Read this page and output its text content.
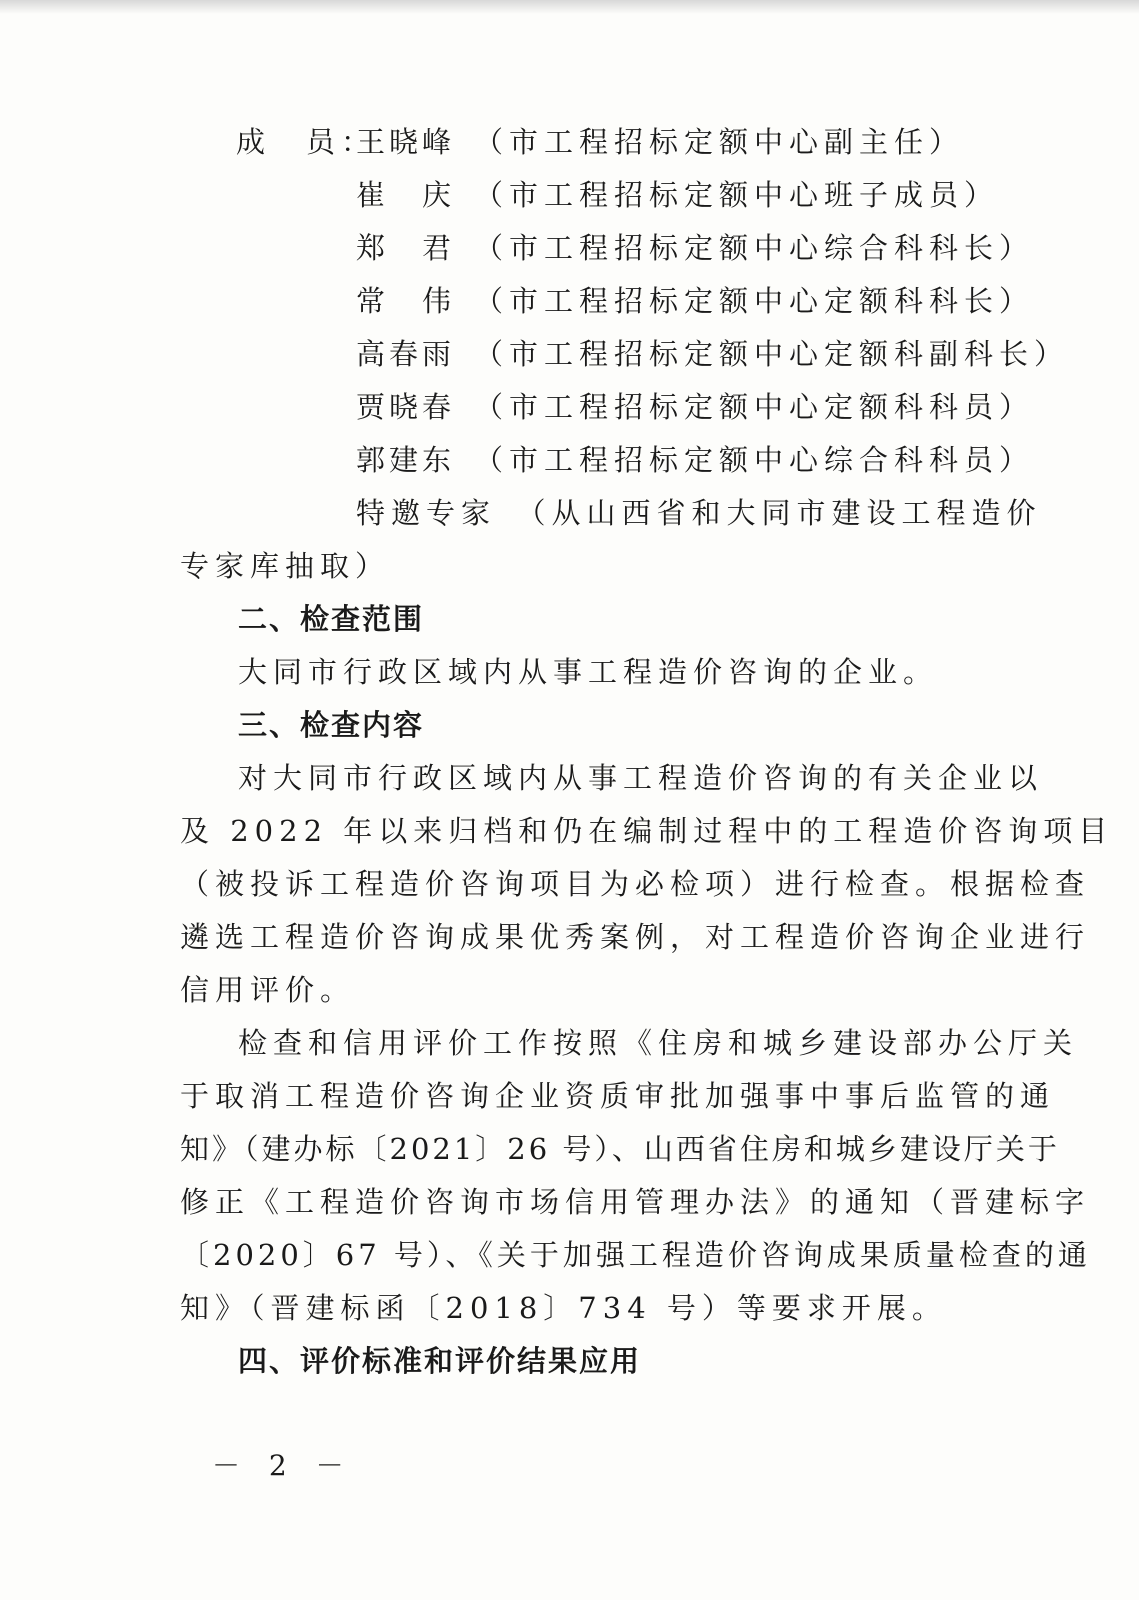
成　员：
王晓峰 （市工程招标定额中心副主任）
崔　庆 （市工程招标定额中心班子成员）
郑　君 （市工程招标定额中心综合科科长）
常　伟 （市工程招标定额中心定额科科长）
高春雨 （市工程招标定额中心定额科副科长）
贾晓春 （市工程招标定额中心定额科科员）
郭建东 （市工程招标定额中心综合科科员）
特邀专家　（从山西省和大同市建设工程造价
专家库抽取）
二、检查范围
大同市行政区域内从事工程造价咨询的企业。
三、检查内容
对大同市行政区域内从事工程造价咨询的有关企业以
及 2022 年以来归档和仍在编制过程中的工程造价咨询项目
（被投诉工程造价咨询项目为必检项）进行检查。根据检查
遴选工程造价咨询成果优秀案例，对工程造价咨询企业进行
信用评价。
检查和信用评价工作按照《住房和城乡建设部办公厅关
于取消工程造价咨询企业资质审批加强事中事后监管的通
知》（建办标〔2021〕26 号）、山西省住房和城乡建设厅关于
修正《工程造价咨询市场信用管理办法》的通知（晋建标字
〔2020〕67 号）、《关于加强工程造价咨询成果质量检查的通
知》（晋建标函〔2018〕734 号）等要求开展。
四、评价标准和评价结果应用
－ 2 －
